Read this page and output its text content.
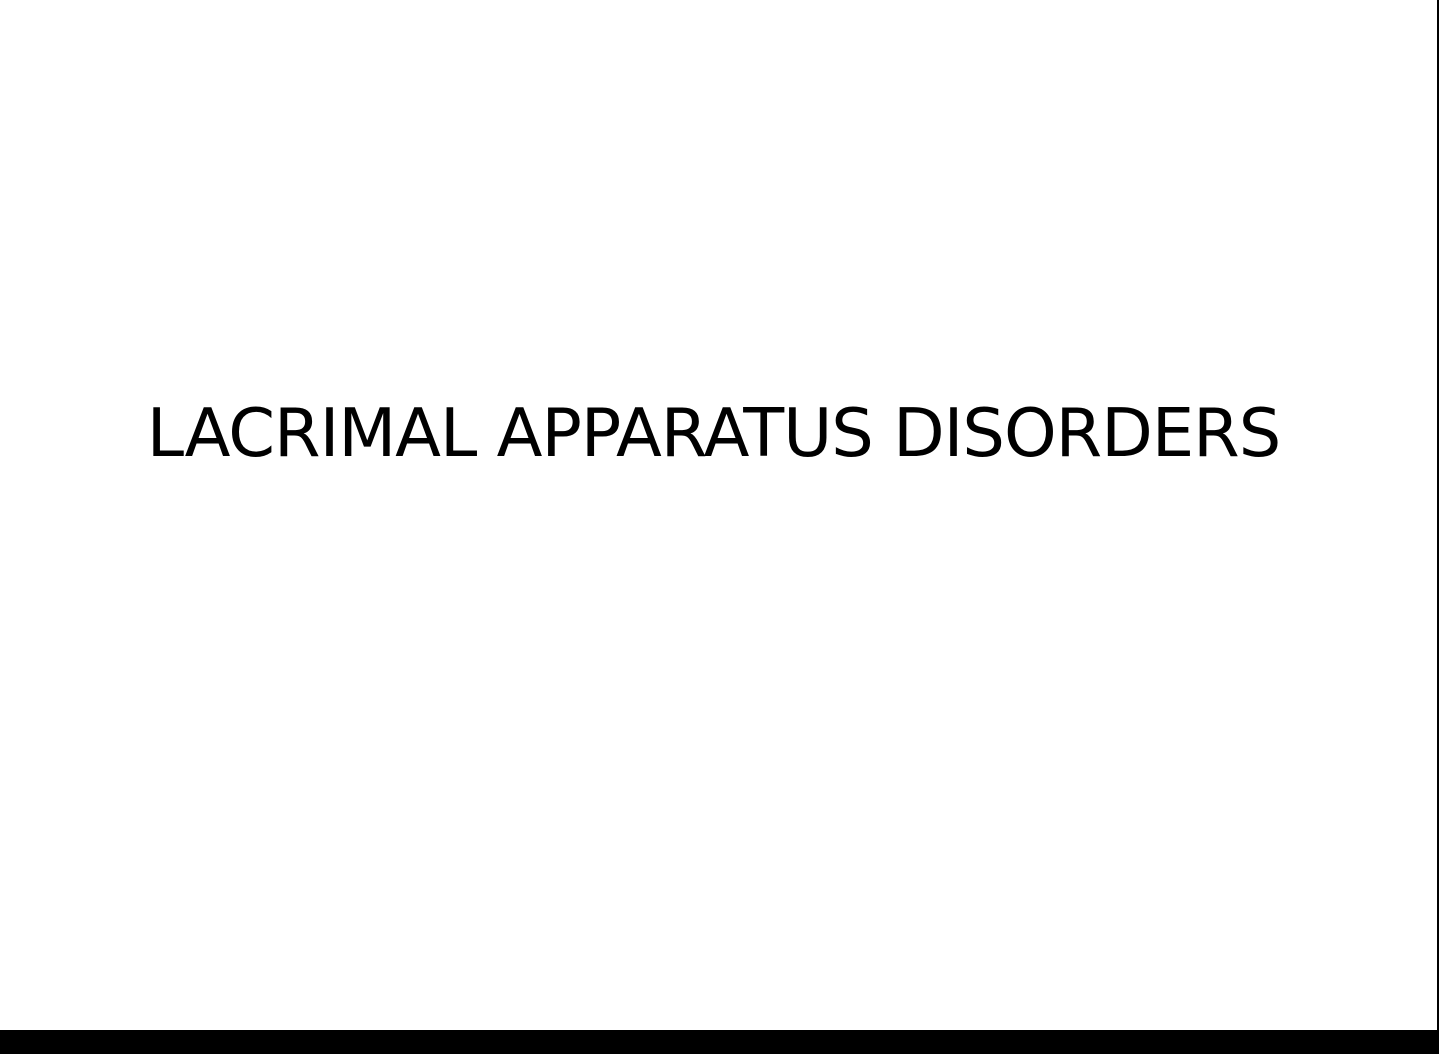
LACRIMAL APPARATUS DISORDERS
